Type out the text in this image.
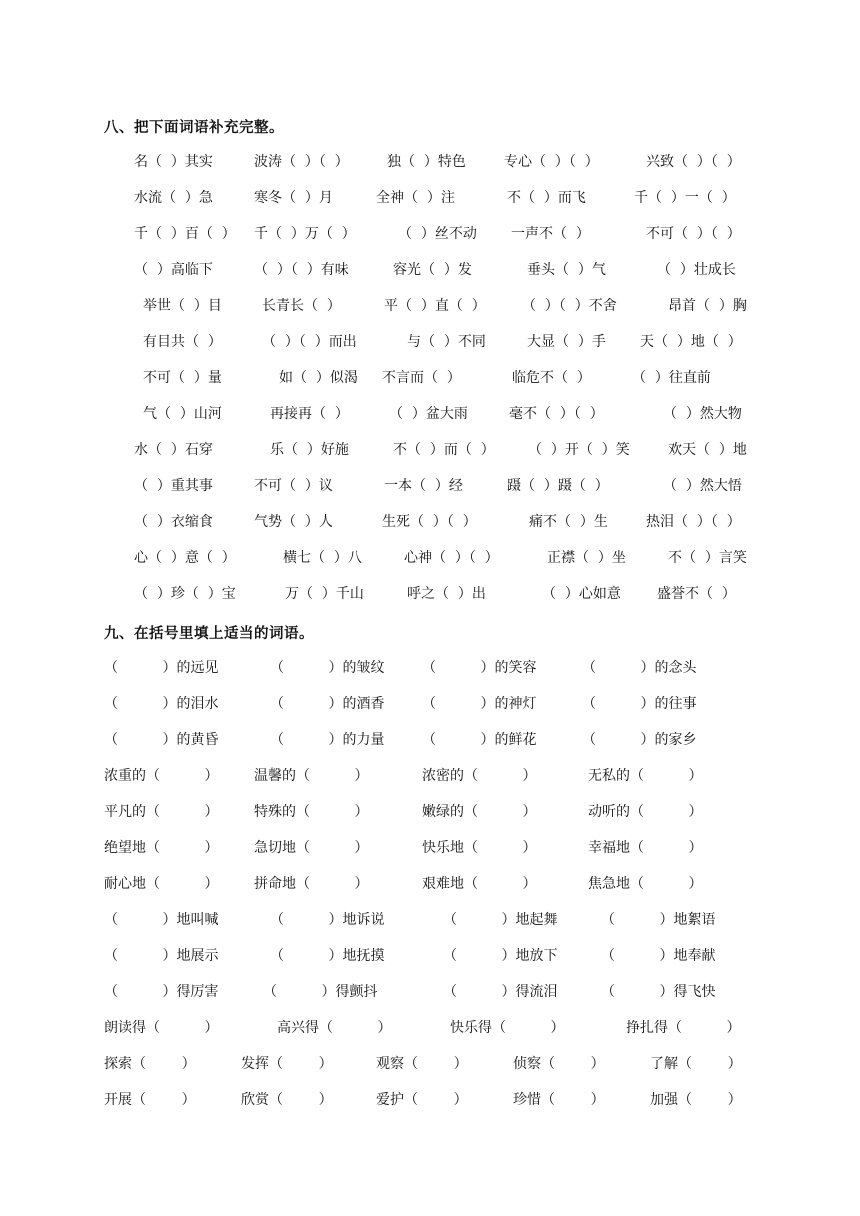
八、把下面词语补充完整。
名（  ）其实	波涛（  ）（  ）	独（  ）特色	专心（  ）（  ）	兴致（  ）（  ）
水流（  ）急	寒冬（  ）月	全神（  ）注	不（  ）而飞	千（  ）一（  ）
千（  ）百（  ） 千（  ）万（  ）	（  ）丝不动 一声不（  ）	不可（  ）（  ）
（  ）高临下	（  ）（  ）有味	容光（  ）发	垂头（  ）气	（  ）壮成长
举世（  ）目	长青长（  ）	平（  ）直（  ）	（  ）（  ）不舍	昂首（  ）胸
有目共（  ）	（  ）（  ）而出	与（  ）不同	大显（  ）手 天（  ）地（  ）
不可（  ）量	如（  ）似渴 不言而（  ）	临危不（  ）	（  ）往直前
气（  ）山河	再接再（  ）	（  ）盆大雨	毫不（  ）（  ）	（  ）然大物
水（  ）石穿	乐（  ）好施	不（  ）而（  ） （  ）开（  ）笑	欢天（  ）地
（  ）重其事	不可（  ）议	一本（  ）经	蹑（  ）蹑（  ）	（  ）然大悟
（  ）衣缩食	气势（  ）人	生死（  ）（  ）	痛不（  ）生	热泪（  ）（  ）
心（  ）意（  ）	横七（  ）八	心神（  ）（  ）	正襟（  ）坐	不（  ）言笑
（  ）珍（  ）宝	万（  ）千山	呼之（  ）出	（  ）心如意	盛誉不（  ）
九、在括号里填上适当的词语。
（          ）的远见	（          ）的皱纹	（          ）的笑容	（          ）的念头
（          ）的泪水	（          ）的酒香	（          ）的神灯	（          ）的往事
（          ）的黄昏	（          ）的力量	（          ）的鲜花	（          ）的家乡
浓重的（          ）	温馨的（          ）	浓密的（          ）	无私的（          ）
平凡的（          ）	特殊的（          ）	嫩绿的（          ）	动听的（          ）
绝望地（          ）	急切地（          ）	快乐地（          ）	幸福地（          ）
耐心地（          ）	拼命地（          ）	艰难地（          ）	焦急地（          ）
（          ）地叫喊	（          ）地诉说	（          ）地起舞	（          ）地絮语
（          ）地展示	（          ）地抚摸	（          ）地放下	（          ）地奉献
（          ）得厉害	（          ）得颤抖	（          ）得流泪	（          ）得飞快
朗读得（          ）	高兴得（          ）	快乐得（          ）	挣扎得（          ）
探索（        ）	发挥（        ）	观察（        ）	侦察（        ）	了解（        ）
开展（        ）	欣赏（        ）	爱护（        ）	珍惜（        ）	加强（        ）
